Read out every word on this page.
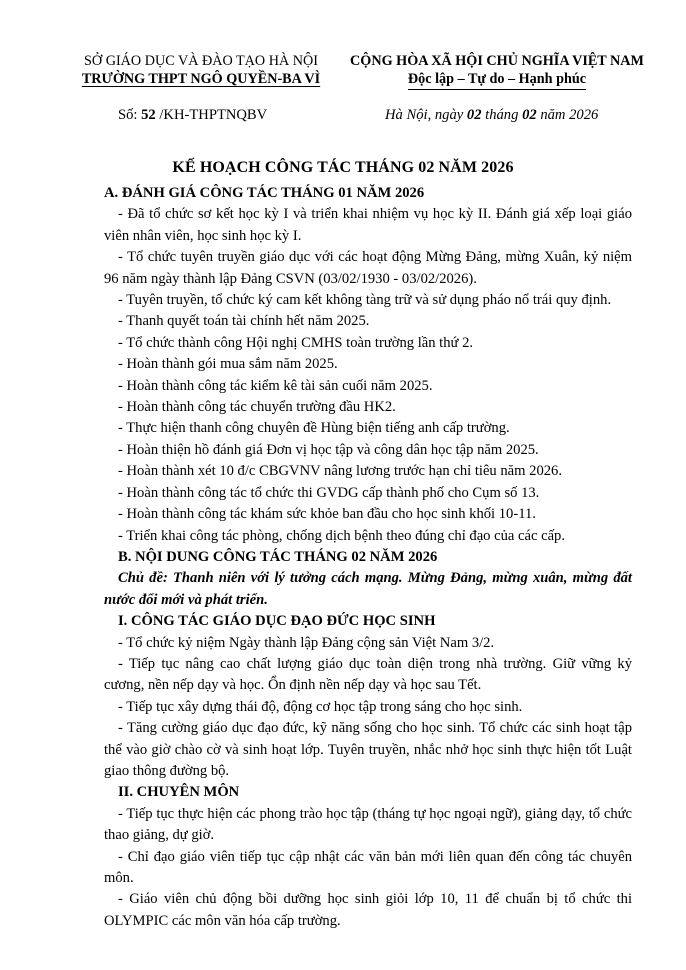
SỞ GIÁO DỤC VÀ ĐÀO TẠO HÀ NỘI
TRƯỜNG THPT NGÔ QUYỀN-BA VÌ
CỘNG HÒA XÃ HỘI CHỦ NGHĨA VIỆT NAM
Độc lập – Tự do – Hạnh phúc
Số: 52 /KH-THPTNQBV	Hà Nội, ngày 02 tháng 02 năm 2026
KẾ HOẠCH CÔNG TÁC THÁNG 02 NĂM 2026

A. ĐÁNH GIÁ CÔNG TÁC THÁNG 01 NĂM 2026

- Đã tổ chức sơ kết học kỳ I và triển khai nhiệm vụ học kỳ II. Đánh giá xếp loại giáo viên nhân viên, học sinh học kỳ I.

- Tổ chức tuyên truyền giáo dục với các hoạt động Mừng Đảng, mừng Xuân, kỷ niệm 96 năm ngày thành lập Đảng CSVN (03/02/1930 - 03/02/2026).

- Tuyên truyền, tổ chức ký cam kết không tàng trữ và sử dụng pháo nổ trái quy định.

- Thanh quyết toán tài chính hết năm 2025.

- Tổ chức thành công Hội nghị CMHS toàn trường lần thứ 2.

- Hoàn thành gói mua sắm năm 2025.

- Hoàn thành công tác kiểm kê tài sản cuối năm 2025.

- Hoàn thành công tác chuyển trường đầu HK2.

- Thực hiện thanh công chuyên đề Hùng biện tiếng anh cấp trường.

- Hoàn thiện hồ đánh giá Đơn vị học tập và công dân học tập năm 2025.

- Hoàn thành xét 10 đ/c CBGVNV nâng lương trước hạn chỉ tiêu năm 2026.

- Hoàn thành công tác tổ chức thi GVDG cấp thành phố cho Cụm số 13.

- Hoàn thành công tác khám sức khỏe ban đầu cho học sinh khối 10-11.

- Triển khai công tác phòng, chống dịch bệnh theo đúng chỉ đạo của các cấp.

B. NỘI DUNG CÔNG TÁC THÁNG 02 NĂM 2026

Chủ đề: Thanh niên với lý tưởng cách mạng. Mừng Đảng, mừng xuân, mừng đất nước đổi mới và phát triển.

I. CÔNG TÁC GIÁO DỤC ĐẠO ĐỨC HỌC SINH

- Tổ chức kỷ niệm Ngày thành lập Đảng cộng sản Việt Nam 3/2.

- Tiếp tục nâng cao chất lượng giáo dục toàn diện trong nhà trường. Giữ vững kỷ cương, nền nếp dạy và học. Ổn định nền nếp dạy và học sau Tết.

- Tiếp tục xây dựng thái độ, động cơ học tập trong sáng cho học sinh.

- Tăng cường giáo dục đạo đức, kỹ năng sống cho học sinh. Tổ chức các sinh hoạt tập thể vào giờ chào cờ và sinh hoạt lớp. Tuyên truyền, nhắc nhở học sinh thực hiện tốt Luật giao thông đường bộ.

II. CHUYÊN MÔN

- Tiếp tục thực hiện các phong trào học tập (tháng tự học ngoại ngữ), giảng dạy, tổ chức thao giảng, dự giờ.

- Chỉ đạo giáo viên tiếp tục cập nhật các văn bản mới liên quan đến công tác chuyên môn.

- Giáo viên chủ động bồi dưỡng học sinh giỏi lớp 10, 11 để chuẩn bị tổ chức thi OLYMPIC các môn văn hóa cấp trường.
